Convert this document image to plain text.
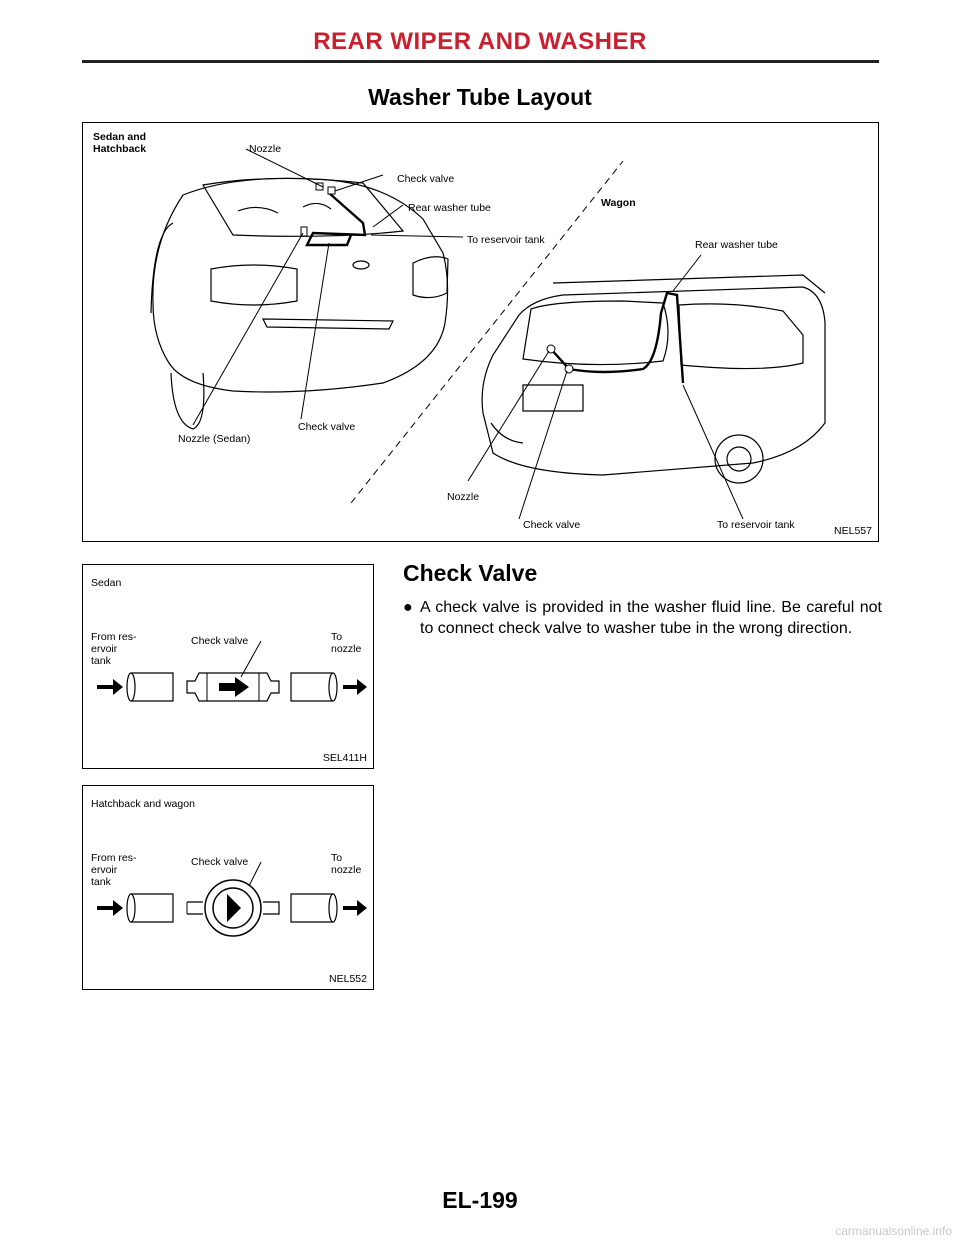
REAR WIPER AND WASHER
Washer Tube Layout
Sedan and
Hatchback	Nozzle
Check valve
Rear washer tube
To reservoir tank
Wagon
Rear washer tube
Nozzle (Sedan)
Check valve
Nozzle
Check valve	To reservoir tank	NEL557
Sedan
From res-
ervoir
tank
Check valve	To
nozzle
SEL411H
Hatchback and wagon
From res-
ervoir
tank
Check valve	To
nozzle
NEL552
Check Valve
● A check valve is provided in the washer fluid line. Be careful not to connect check valve to washer tube in the wrong direction.
EL-199
carmanualsonline.info
